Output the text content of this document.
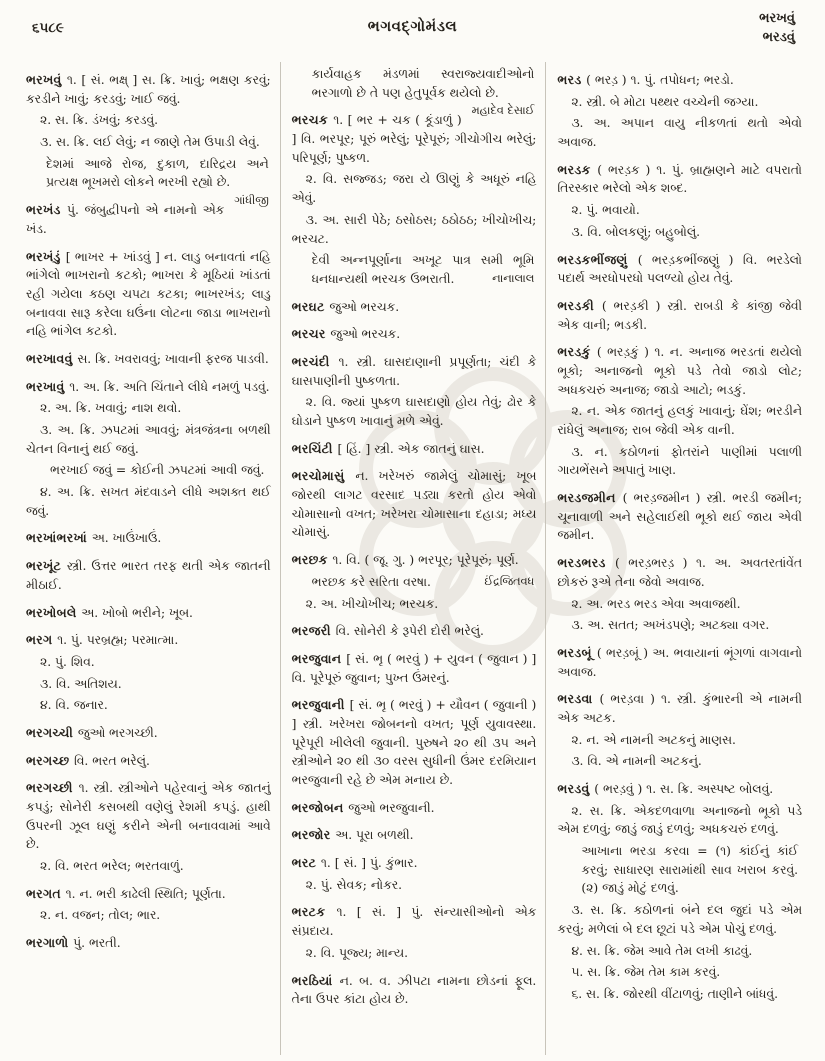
૬૫૮૯	ભગવદ્ગોમંડલ	ભરખવું
ભરડવું

ભરખવું ૧. [ સં. ભક્ષ્ ] સ. ક્રિ. ખાવું; ભક્ષણ કરવું; કરડીને ખાવું; કરડવું; ખાઈ જવું.

૨. સ. ક્રિ. ડંખવું; કરડવું.

૩. સ. ક્રિ. લઈ લેવું; ન જાણે તેમ ઉપાડી લેવું.

દેશમાં આજે રોજ, દુકાળ, દારિદ્રય અને પ્રત્યક્ષ ભૂખમરો લોકને ભરખી રહ્યો છે.
ગાંધીજી

ભરખંડ પું. જંબુદ્વીપનો એ નામનો એક ખંડ.

ભરખંડું [ ભાખર + ખાંડવું ] ન. લાડુ બનાવતાં નહિ ભાંગેલો ભાખરાનો કટકો; ભાખરા કે મૂઠિયાં ખાંડતાં રહી ગયેલા કઠણ ચપટા કટકા; ભાખરખંડ; લાડુ બનાવવા સારૂ કરેલા ઘઉંના લોટના જાડા ભાખરાનો નહિ ભાંગેલ કટકો.

ભરખાવવું સ. ક્રિ. ખવરાવવું; ખાવાની ફરજ પાડવી.

ભરખાવું ૧. અ. ક્રિ. અતિ ચિંતાને લીધે નમળું પડવું.

૨. અ. ક્રિ. ખવાવું; નાશ થવો.

૩. અ. ક્રિ. ઝપટમાં આવવું; મંત્રજંત્રના બળથી ચેતન વિનાનું થઈ જવું.

ભરખાઈ જવું = કોઈની ઝપટમાં આવી જવું.

૪. અ. ક્રિ. સખત મંદવાડને લીધે અશક્ત થઈ જવું.

ભરખાંભરખાં અ. ખાઉંખાઉં.

ભરખૂંટ સ્ત્રી. ઉત્તર ભારત તરફ થતી એક જાતની મીઠાઈ.

ભરખોબલે અ. ખોબો ભરીને; ખૂબ.

ભરગ ૧. પું. પરબ્રહ્મ; પરમાત્મા.

૨. પું. શિવ.

૩. વિ. અતિશય.

૪. વિ. જનાર.

ભરગચ્ચી જુઓ ભરગચ્છી.

ભરગચ્છ વિ. ભરત ભરેલું.

ભરગચ્છી ૧. સ્ત્રી. સ્ત્રીઓને પહેરવાનું એક જાતનું કપડું; સોનેરી કસબથી વણેલું રેશમી કપડું. હાથી ઉપરની ઝૂલ ઘણું કરીને એની બનાવવામાં આવે છે.

૨. વિ. ભરત ભરેલ; ભરતવાળું.

ભરગત ૧. ન. ભરી કાઢેલી સ્થિતિ; પૂર્ણતા.

૨. ન. વજન; તોલ; ભાર.

ભરગાળો પું. ભરતી.

કાર્યવાહક મંડળમાં સ્વરાજ્યવાદીઓનો ભરગાળો છે તે પણ હેતુપૂર્વક થયેલો છે.
મહાદેવ દેસાઈ

ભરચક ૧. [ ભર + ચક ( કૂંડાળું ) ] વિ. ભરપૂર; પૂરું ભરેલું; પૂરેપૂરું; ગીચોગીચ ભરેલું; પરિપૂર્ણ; પુષ્કળ.

૨. વિ. સજ્જડ; જરા યે ઊણું કે અધૂરું નહિ એવું.

૩. અ. સારી પેઠે; ઠસોઠસ; ઠઠોઠઠ; ખીચોખીચ; ભરચટ.

દેવી અન્નપૂર્ણાના અખૂટ પાત્ર સમી ભૂમિ ધનધાન્યથી ભરચક ઉભરાતી.	નાનાલાલ

ભરઘટ જુઓ ભરચક.

ભરચર જુઓ ભરચક.

ભરચંદી ૧. સ્ત્રી. ઘાસદાણાની પ્રપૂર્ણતા; ચંદી કે ઘાસપાણીની પુષ્કળતા.

૨. વિ. જ્યાં પુષ્કળ ઘાસદાણો હોય તેવું; ઢોર કે ઘોડાને પુષ્કળ ખાવાનું મળે એવું.

ભરચિંટી [ હિં. ] સ્ત્રી. એક જાતનું ઘાસ.

ભરચોમાસું ન. ખરેખરું જામેલું ચોમાસું; ખૂબ જોરથી લાગટ વરસાદ પડ્યા કરતો હોય એવો ચોમાસાનો વખત; ખરેખરા ચોમાસાના દહાડા; મધ્ય ચોમાસું.

ભરછક ૧. વિ. ( જૂ. ગુ. ) ભરપૂર; પૂરેપૂરું; પૂર્ણ.

ભરછક કરે સરિતા વરષા.	ઈંદ્રજિતવધ

૨. અ. ખીચોખીચ; ભરચક.

ભરજરી વિ. સોનેરી કે રૂપેરી દોરી ભરેલું.

ભરજુવાન [ સં. ભૃ ( ભરવું ) + યુવન ( જુવાન ) ] વિ. પૂરેપૂરું જુવાન; પુખ્ત ઉંમરનું.

ભરજુવાની [ સં. ભૃ ( ભરવું ) + યૌવન ( જુવાની ) ] સ્ત્રી. ખરેખરા જોબનનો વખત; પૂર્ણ યુવાવસ્થા. પૂરેપૂરી ખીલેલી જુવાની. પુરુષને ૨૦ થી ૩૫ અને સ્ત્રીઓને ૨૦ થી ૩૦ વરસ સુધીની ઉંમર દરમિયાન ભરજુવાની રહે છે એમ મનાય છે.

ભરજોબન જુઓ ભરજુવાની.

ભરજોર અ. પૂરા બળથી.

ભરટ ૧. [ સં. ] પું. કુંભાર.

૨. પું. સેવક; નોકર.

ભરટક ૧. [ સં. ] પું. સંન્યાસીઓનો એક સંપ્રદાય.

૨. વિ. પૂજ્ય; માન્ય.

ભરઠિયાં ન. બ. વ. ઝીપટા નામના છોડનાં ફૂલ. તેના ઉપર કાંટા હોય છે.

ભરડ ( ભરડ઼ ) ૧. પું. તપોધન; ભરડો.

૨. સ્ત્રી. બે મોટા પથ્થર વચ્ચેની જગ્યા.

૩. અ. અપાન વાયુ નીકળતાં થતો એવો અવાજ.

ભરડક ( ભરડ઼ક ) ૧. પું. બ્રાહ્મણને માટે વપરાતો તિરસ્કાર ભરેલો એક શબ્દ.

૨. પું. ભવાયો.

૩. વિ. બોલકણું; બહુબોલું.

ભરડકભીંજણું ( ભરડ઼કભીંજણું ) વિ. ભરડેલો પદાર્થ અરધોપરધો પલળ્યો હોય તેવું.

ભરડકી ( ભરડ઼કી ) સ્ત્રી. રાબડી કે કાંજી જેવી એક વાની; ભડકી.

ભરડકું ( ભરડ઼કું ) ૧. ન. અનાજ ભરડતાં થયેલો ભૂકો; અનાજનો ભૂકો પડે તેવો જાડો લોટ; અધકચરું અનાજ; જાડો આટો; ભડકું.

૨. ન. એક જાતનું હલકું ખાવાનું; ઘેંશ; ભરડીને રાંધેલું અનાજ; રાબ જેવી એક વાની.

૩. ન. કઠોળનાં ફોતરાંને પાણીમાં પલાળી ગાયભેંસને અપાતું ખાણ.

ભરડજમીન ( ભરડ઼જમીન ) સ્ત્રી. ભરડી જમીન; ચૂનાવાળી અને સહેલાઈથી ભૂકો થઈ જાય એવી જમીન.

ભરડભરડ ( ભરડ઼ભરડ઼ ) ૧. અ. અવતરતાંવેંત છોકરું રૂએ તેના જેવો અવાજ.

૨. અ. ભરડ ભરડ એવા અવાજથી.

૩. અ. સતત; અખંડપણે; અટક્યા વગર.

ભરડબૂં ( ભરડ઼બૂં ) અ. ભવાયાનાં ભૂંગળાં વાગવાનો અવાજ.

ભરડવા ( ભરડ઼વા ) ૧. સ્ત્રી. કુંભારની એ નામની એક અટક.

૨. ન. એ નામની અટકનું માણસ.

૩. વિ. એ નામની અટકનું.

ભરડવું ( ભરડ઼વું ) ૧. સ. ક્રિ. અસ્પષ્ટ બોલવું.

૨. સ. ક્રિ. એકદળવાળા અનાજનો ભૂકો પડે એમ દળવું; જાડું જાડું દળવું; અધકચરું દળવું.

આખાના ભરડા કરવા = (૧) કાંઈનું કાંઈ કરવું; સાધારણ સારામાંથી સાવ ખરાબ કરવું. (૨) જાડું મોટું દળવું.

૩. સ. ક્રિ. કઠોળનાં બંને દલ જુદાં પડે એમ કરવું; મળેલાં બે દલ છૂટાં પડે એમ પોચું દળવું.

૪. સ. ક્રિ. જેમ આવે તેમ લખી કાઢવું.

૫. સ. ક્રિ. જેમ તેમ કામ કરવું.

૬. સ. ક્રિ. જોરથી વીંટાળવું; તાણીને બાંધવું.
